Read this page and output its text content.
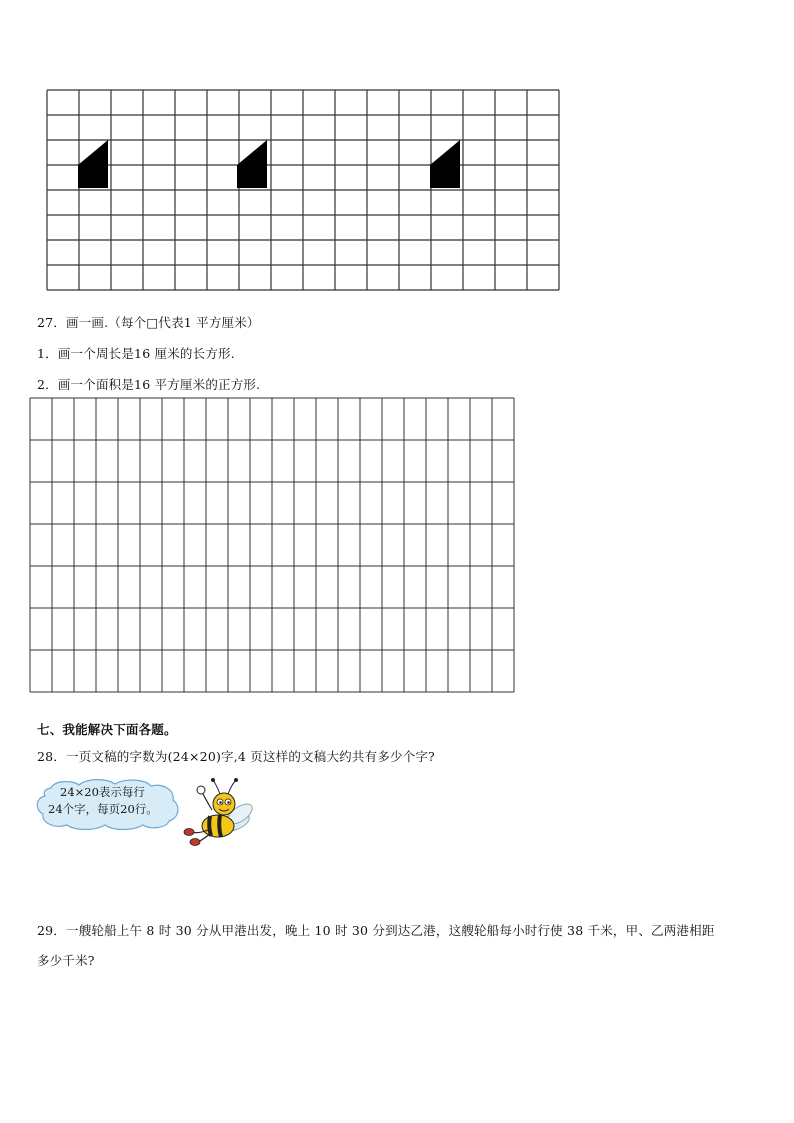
27．画一画.（每个□代表1 平方厘米）
1．画一个周长是16 厘米的长方形.
2．画一个面积是16 平方厘米的正方形.
七、我能解决下面各题。
28．一页文稿的字数为(24×20)字,4 页这样的文稿大约共有多少个字?
24×20表示每行
24个字，每页20行。
29．一艘轮船上午 8 时 30 分从甲港出发，晚上 10 时 30 分到达乙港，这艘轮船每小时行使 38 千米，甲、乙两港相距
多少千米?
